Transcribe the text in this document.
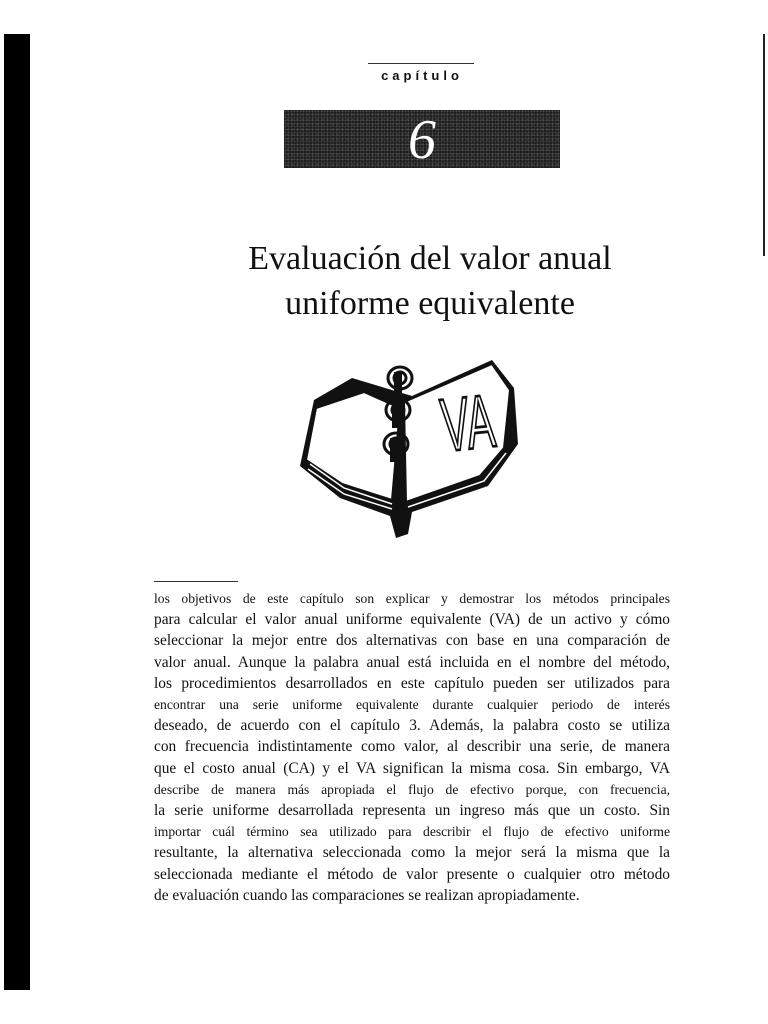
capítulo
6
Evaluación del valor anual
uniforme equivalente
VA
los objetivos de este capítulo son explicar y demostrar los métodos principales
para calcular el valor anual uniforme equivalente (VA) de un activo y cómo
seleccionar la mejor entre dos alternativas con base en una comparación de
valor anual. Aunque la palabra anual está incluida en el nombre del método,
los procedimientos desarrollados en este capítulo pueden ser utilizados para
encontrar una serie uniforme equivalente durante cualquier periodo de interés
deseado, de acuerdo con el capítulo 3. Además, la palabra costo se utiliza
con frecuencia indistintamente como valor, al describir una serie, de manera
que el costo anual (CA) y el VA significan la misma cosa. Sin embargo, VA
describe de manera más apropiada el flujo de efectivo porque, con frecuencia,
la serie uniforme desarrollada representa un ingreso más que un costo. Sin
importar cuál término sea utilizado para describir el flujo de efectivo uniforme
resultante, la alternativa seleccionada como la mejor será la misma que la
seleccionada mediante el método de valor presente o cualquier otro método
de evaluación cuando las comparaciones se realizan apropiadamente.
